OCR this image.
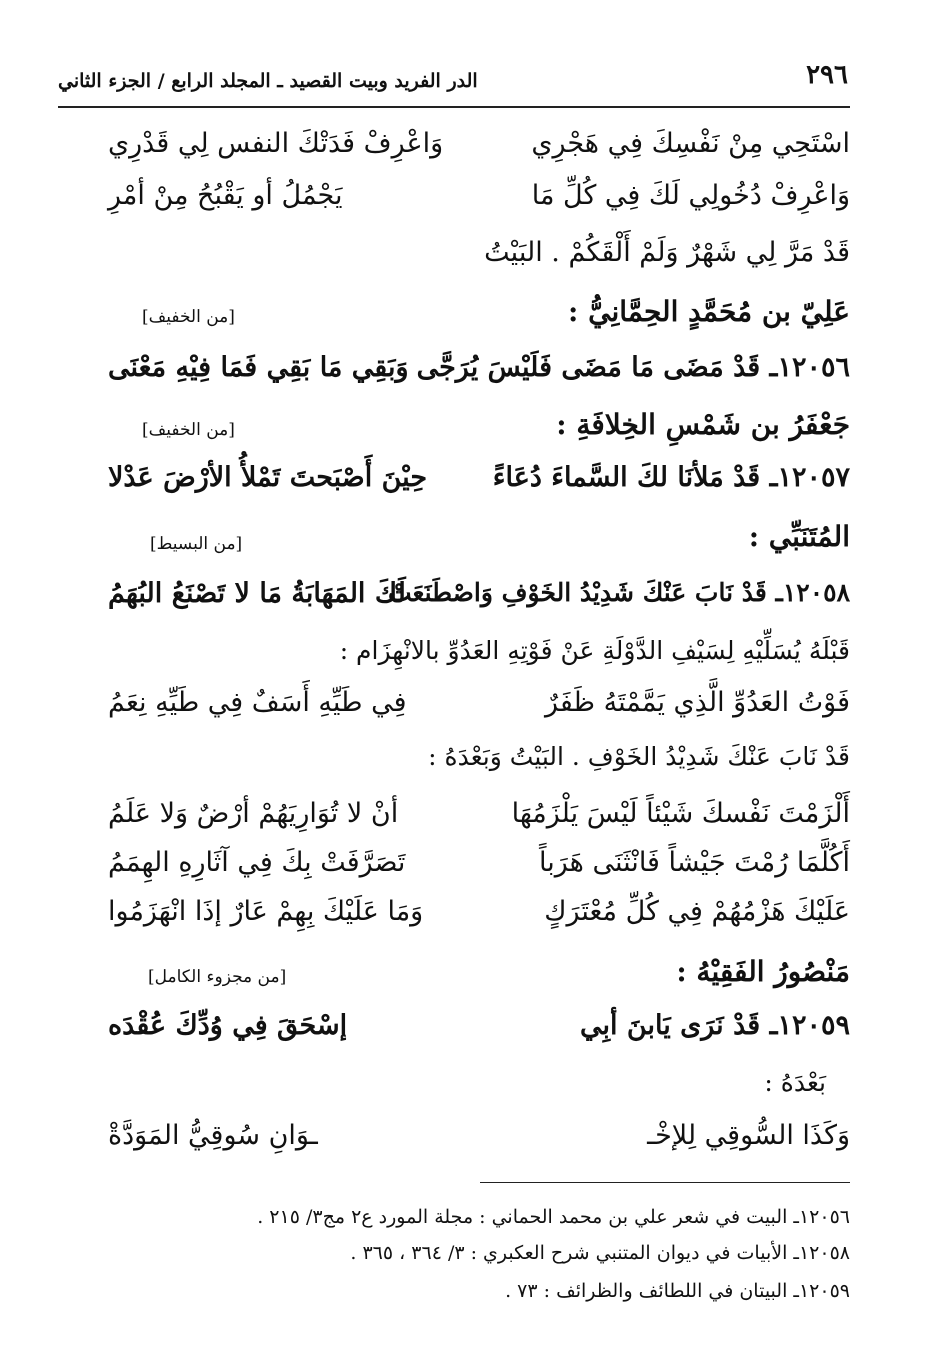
٢٩٦
الدر الفريد وبيت القصيد ـ المجلد الرابع / الجزء الثاني
اسْتَحِي مِنْ نَفْسِكَ فِي هَجْرِي
وَاعْرِفْ فَدَتْكَ النفس لِي قَدْرِي
وَاعْرِفْ دُخُولِي لَكَ فِي كُلِّ مَا
يَجْمُلُ أو يَقْبُحُ مِنْ أمْرِ
قَدْ مَرَّ لِي شَهْرٌ وَلَمْ أَلْقَكُمْ . البَيْتُ
عَلِيّ بن مُحَمَّدٍ الحِمَّانِيُّ :
[من الخفيف]
١٢٠٥٦ـ قَدْ مَضَى مَا مَضَى فَلَيْسَ يُرَجَّى
وَبَقِي مَا بَقِي فَمَا فِيْهِ مَعْنَى
جَعْفَرُ بن شَمْسِ الخِلافَةِ :
[من الخفيف]
١٢٠٥٧ـ قَدْ مَلأنَا لكَ السَّماءَ دُعَاءً
حِيْنَ أَصْبَحتَ تَمْلأُ الأرْضَ عَدْلا
المُتَنَبِّي :
[من البسيط]
١٢٠٥٨ـ قَدْ نَابَ عَنْكَ شَدِيْدُ الخَوْفِ وَاصْطَنَعَتْ
لَكَ المَهَابَةُ مَا لا تَصْنَعُ البُهَمُ
قَبْلَهُ يُسَلِّيْهِ لِسَيْفِ الدَّوْلَةِ عَنْ فَوْتِهِ العَدُوِّ بالانْهِزَام :
فَوْتُ العَدُوِّ الَّذِي يَمَّمْتَهُ ظَفَرٌ
فِي طَيِّهِ أَسَفٌ فِي طَيِّهِ نِعَمُ
قَدْ نَابَ عَنْكَ شَدِيْدُ الخَوْفِ . البَيْتُ وَبَعْدَهُ :
أَلْزَمْتَ نَفْسكَ شَيْئاً لَيْسَ يَلْزَمُهَا
أنْ لا تُوَارِيَهُمْ أرْضٌ وَلا عَلَمُ
أَكُلَّمَا رُمْتَ جَيْشاً فَانْثَنَى هَرَباً
تَصَرَّفَتْ بِكَ فِي آثَارِهِ الهِمَمُ
عَلَيْكَ هَزْمُهُمْ فِي كُلِّ مُعْتَرَكٍ
وَمَا عَلَيْكَ بِهِمْ عَارٌ إذَا انْهَزَمُوا
مَنْصُورُ الفَقِيْهُ :
[من مجزوء الكامل]
١٢٠٥٩ـ قَدْ نَرَى يَابنَ أبِي
إسْحَقَ فِي وُدِّكَ عُقْدَه
بَعْدَهُ :
وَكَذَا السُّوقِي لِلإخْـ
ـوَانِ سُوقِيُّ المَوَدَّةْ
١٢٠٥٦ـ البيت في شعر علي بن محمد الحماني : مجلة المورد ع٢ مج٣/ ٢١٥ .
١٢٠٥٨ـ الأبيات في ديوان المتنبي شرح العكبري : ٣/ ٣٦٤ ، ٣٦٥ .
١٢٠٥٩ـ البيتان في اللطائف والظرائف : ٧٣ .
